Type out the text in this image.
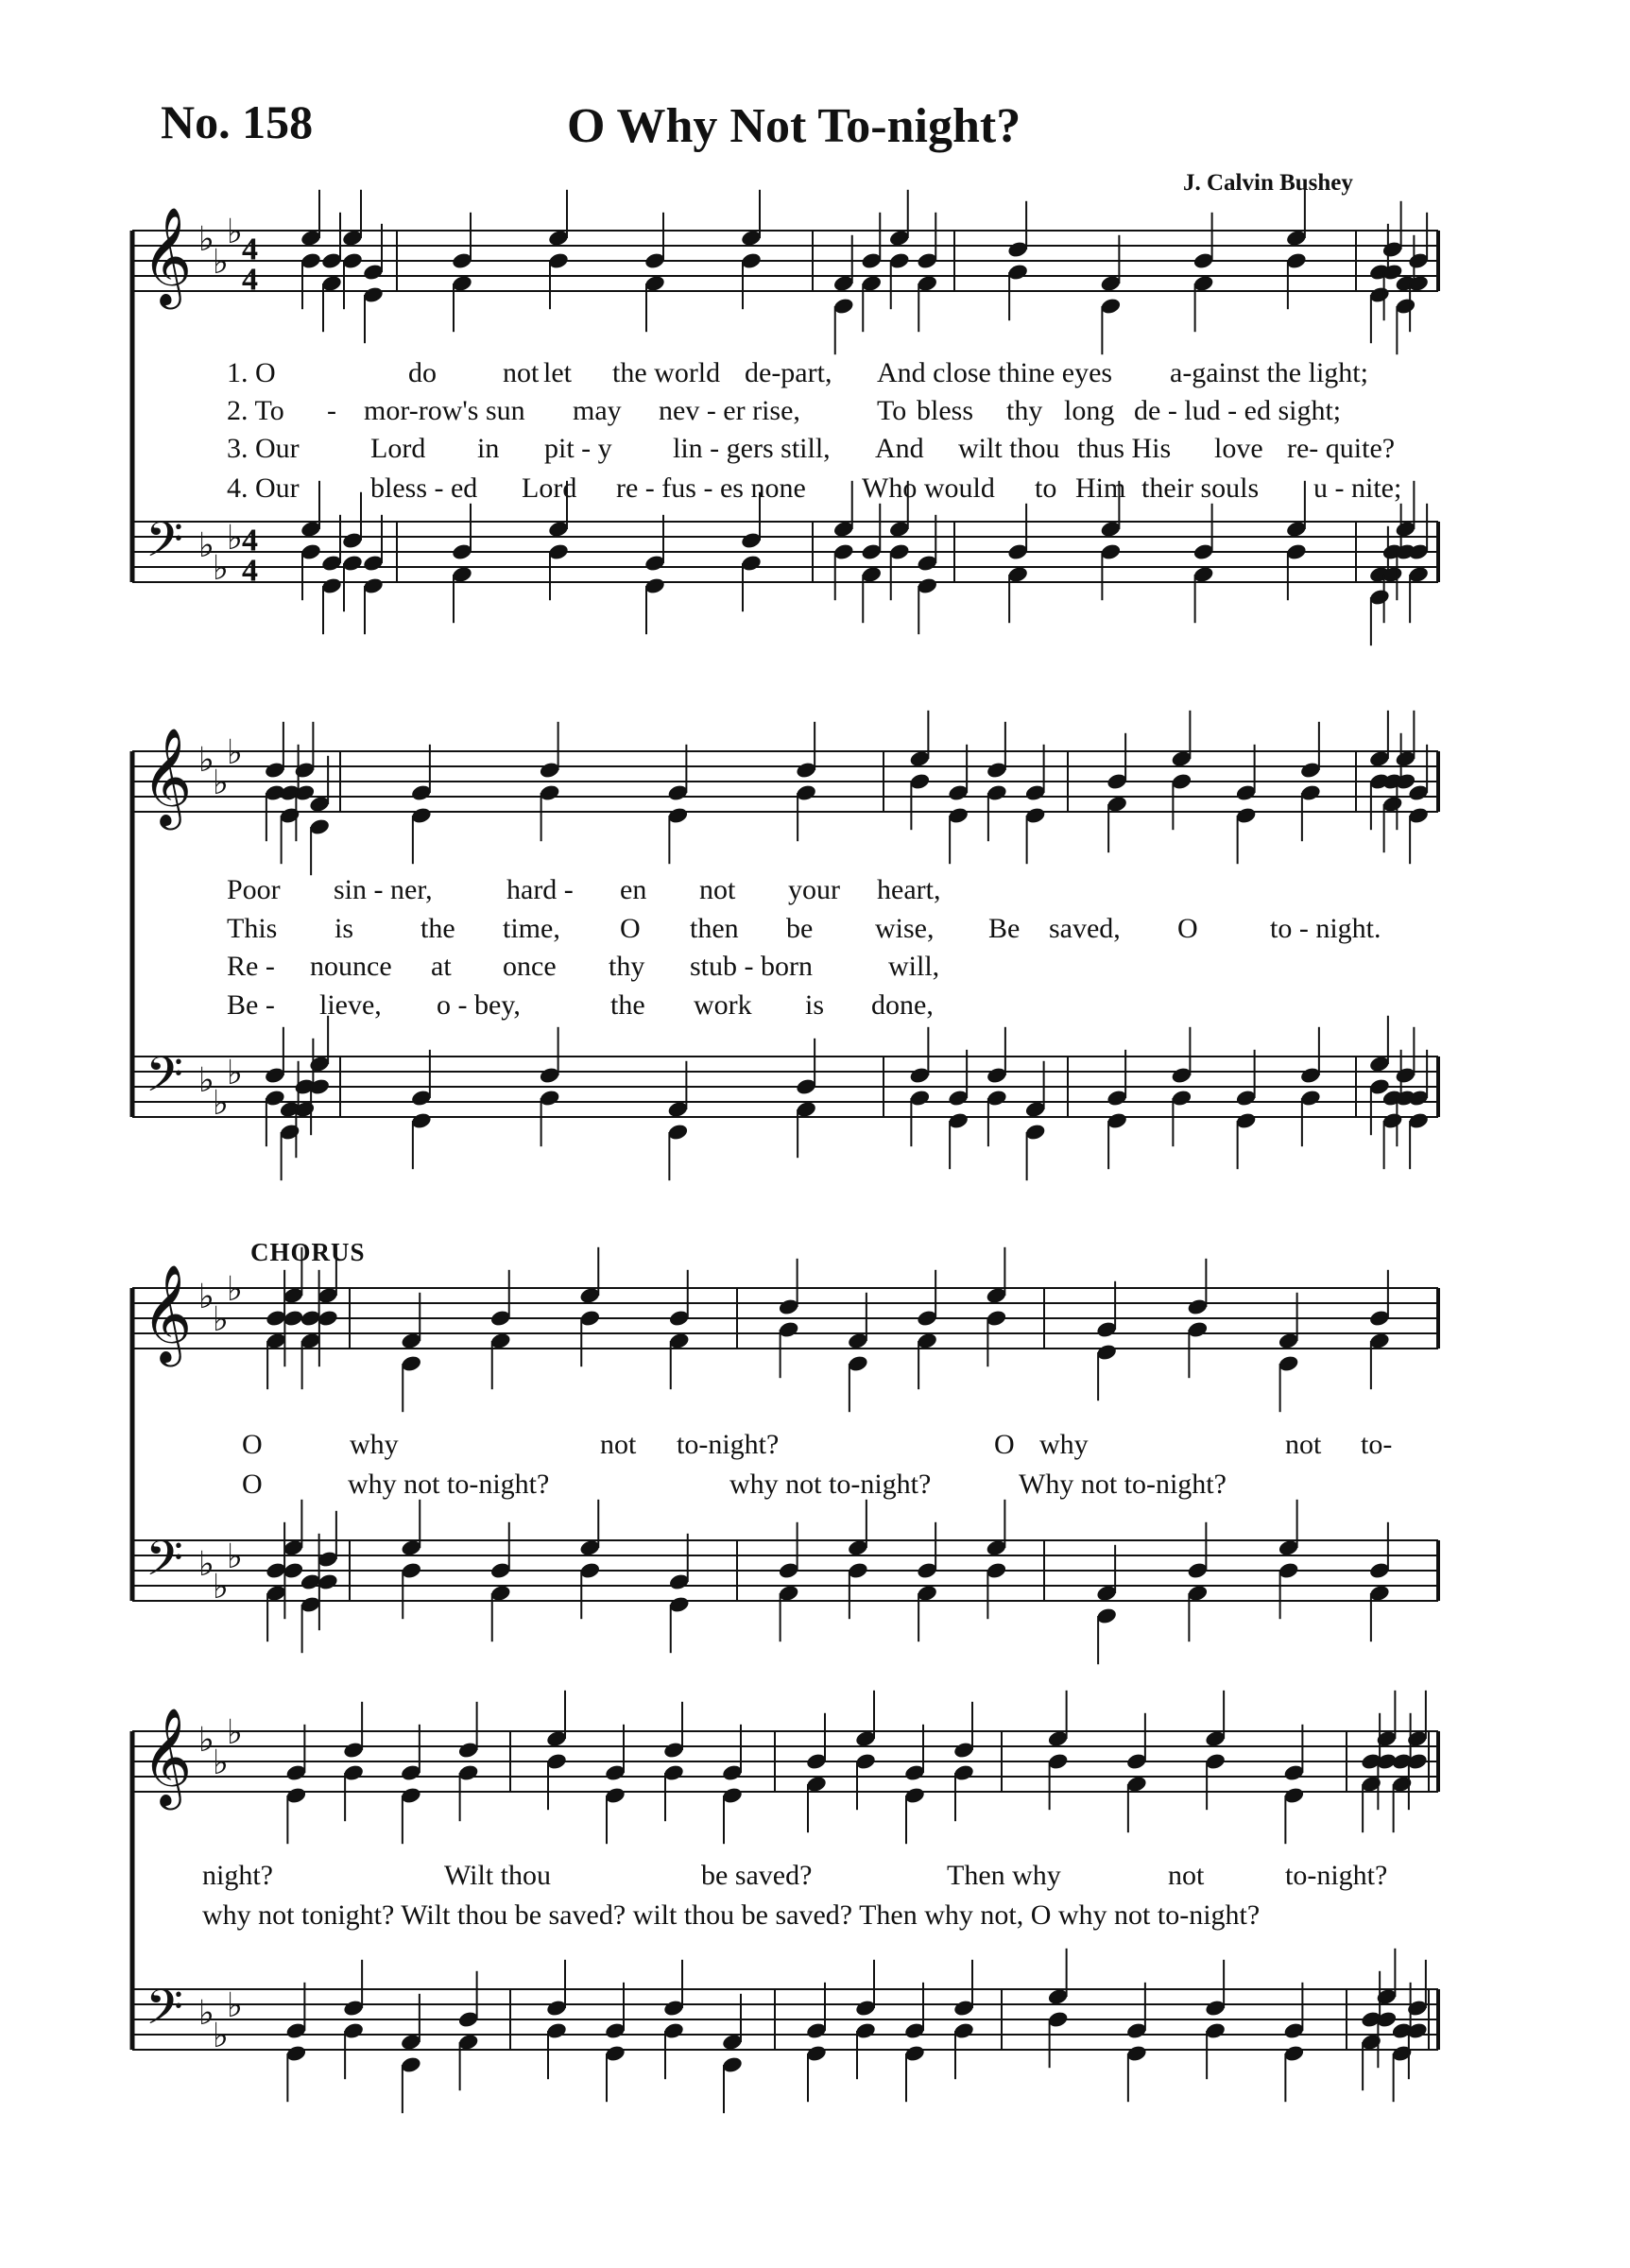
No. 158	O Why Not To-night?
J. Calvin Bushey
CHORUS
𝄞 ♭
♭
♭ 4
4
𝄢 ♭
♭
♭ 4
4
𝄞 ♭
♭
♭
𝄢 ♭
♭
♭
𝄞 ♭
♭
♭
𝄢 ♭
♭
♭
𝄞 ♭
♭
♭
𝄢 ♭
♭
♭
1. O	do not let the world de-part, And close thine eyes a-gainst the light;
2. To - mor-row's sun may nev - er rise,	To bless thy long de - lud - ed sight;
3. Our	Lord in pit - y lin - gers still, And wilt thou thus His love re- quite?
4. Our	bless - ed Lord re - fus - es none Who would to Him their souls u - nite;
Poor sin - ner,	hard - en not your heart,
This is the time, O then be wise, Be saved, O	to - night.
Re - nounce at once thy stub - born	will,
Be - lieve, o - bey,	the work is done,
O	why	not to-night?	O why	not to-
O	why not to-night?	why not to-night?	Why not to-night?
night?	Wilt thou	be saved?	Then why	not	to-night?
why not tonight? Wilt thou be saved? wilt thou be saved? Then why not, O why not to-night?
